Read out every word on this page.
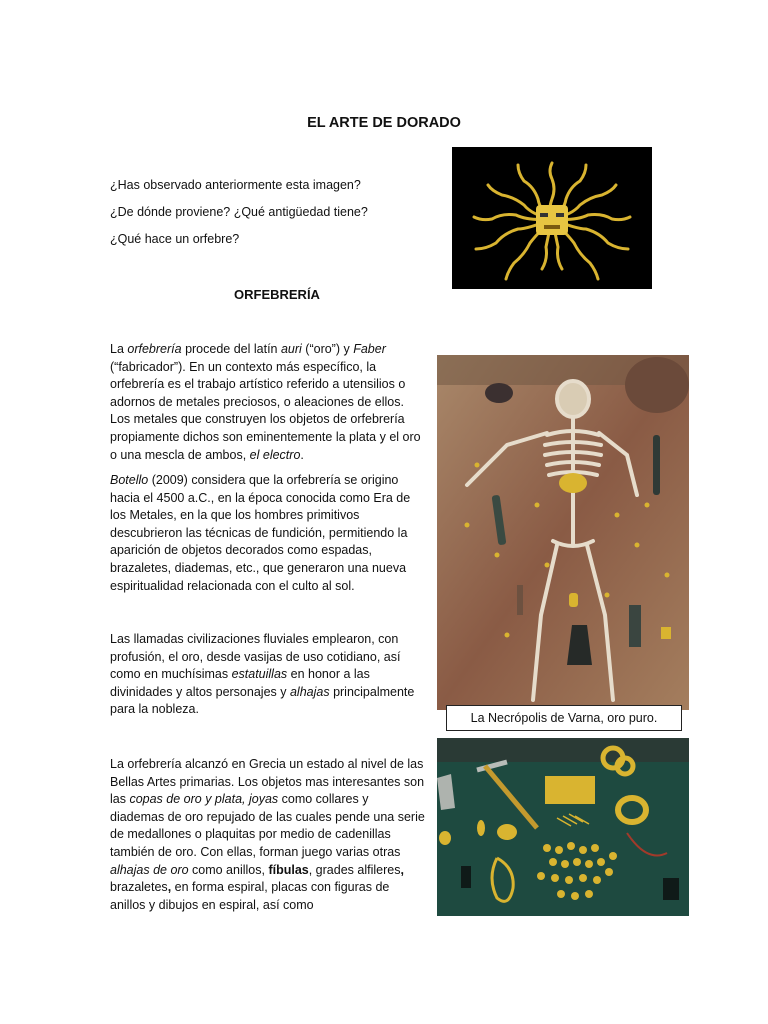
EL ARTE DE DORADO
¿Has observado anteriormente esta imagen?
¿De dónde proviene? ¿Qué antigüedad tiene?
¿Qué hace un orfebre?
ORFEBRERÍA
La orfebrería procede del latín auri (“oro”) y Faber (“fabricador”). En un contexto más específico, la orfebrería es el trabajo artístico referido a utensilios o adornos de metales preciosos, o aleaciones de ellos. Los metales que construyen los objetos de orfebrería propiamente dichos son eminentemente la plata y el oro o una mescla de ambos, el electro.
Botello (2009) considera que la orfebrería se origino hacia el 4500 a.C., en la época conocida como Era de los Metales, en la que los hombres primitivos descubrieron las técnicas de fundición, permitiendo la aparición de objetos decorados como espadas, brazaletes, diademas, etc., que generaron una nueva espiritualidad relacionada con el culto al sol.
Las llamadas civilizaciones fluviales emplearon, con profusión, el oro, desde vasijas de uso cotidiano, así como en muchísimas estatuillas en honor a las divinidades y altos personajes y alhajas principalmente para la nobleza.
La orfebrería alcanzó en Grecia un estado al nivel de las Bellas Artes primarias. Los objetos mas interesantes son las copas de oro y plata, joyas como collares y diademas de oro repujado de las cuales pende una serie de medallones o plaquitas por medio de cadenillas también de oro. Con ellas, forman juego varias otras alhajas de oro como anillos, fíbulas, grades alfileres, brazaletes, en forma espiral, placas con figuras de anillos y dibujos en espiral, así como
La Necrópolis de Varna, oro puro.
